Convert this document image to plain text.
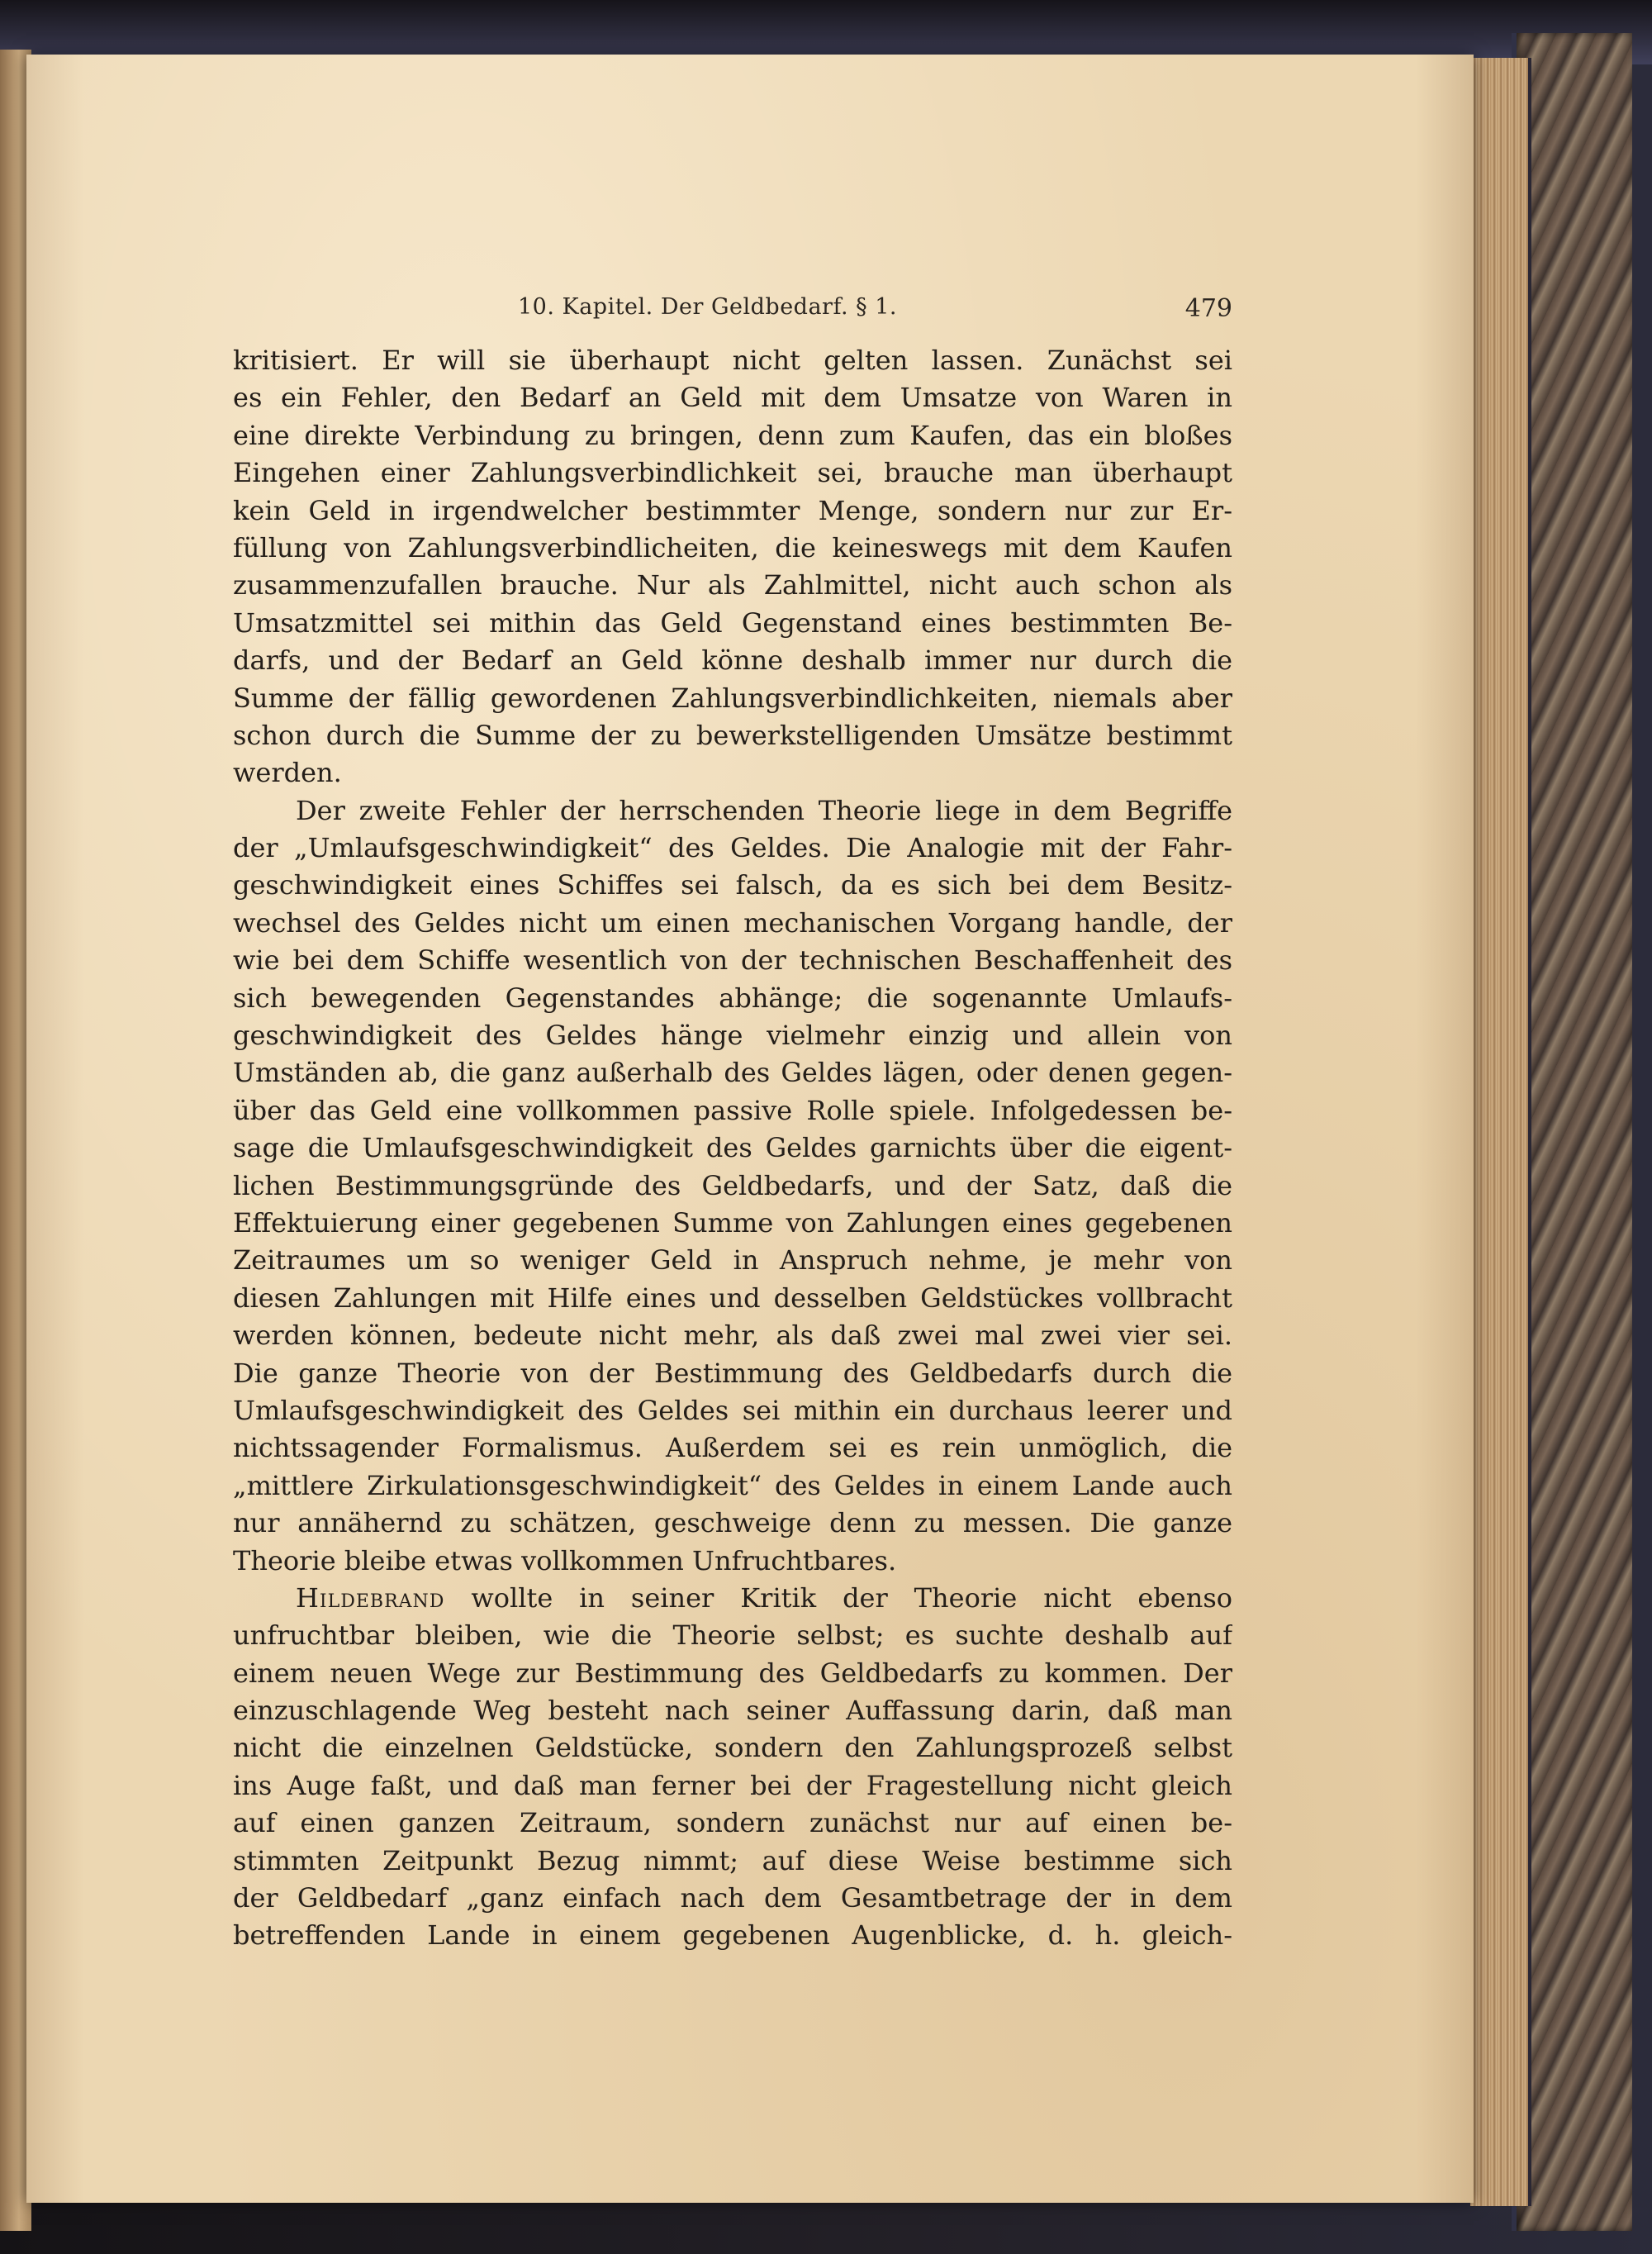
10. Kapitel. Der Geldbedarf. § 1.	479
kritisiert. Er will sie überhaupt nicht gelten lassen. Zunächst sei
es ein Fehler, den Bedarf an Geld mit dem Umsatze von Waren in
eine direkte Verbindung zu bringen, denn zum Kaufen, das ein bloßes
Eingehen einer Zahlungsverbindlichkeit sei, brauche man überhaupt
kein Geld in irgendwelcher bestimmter Menge, sondern nur zur Er-
füllung von Zahlungsverbindlicheiten, die keineswegs mit dem Kaufen
zusammenzufallen brauche. Nur als Zahlmittel, nicht auch schon als
Umsatzmittel sei mithin das Geld Gegenstand eines bestimmten Be-
darfs, und der Bedarf an Geld könne deshalb immer nur durch die
Summe der fällig gewordenen Zahlungsverbindlichkeiten, niemals aber
schon durch die Summe der zu bewerkstelligenden Umsätze bestimmt
werden.
Der zweite Fehler der herrschenden Theorie liege in dem Begriffe
der „Umlaufsgeschwindigkeit“ des Geldes. Die Analogie mit der Fahr-
geschwindigkeit eines Schiffes sei falsch, da es sich bei dem Besitz-
wechsel des Geldes nicht um einen mechanischen Vorgang handle, der
wie bei dem Schiffe wesentlich von der technischen Beschaffenheit des
sich bewegenden Gegenstandes abhänge; die sogenannte Umlaufs-
geschwindigkeit des Geldes hänge vielmehr einzig und allein von
Umständen ab, die ganz außerhalb des Geldes lägen, oder denen gegen-
über das Geld eine vollkommen passive Rolle spiele. Infolgedessen be-
sage die Umlaufsgeschwindigkeit des Geldes garnichts über die eigent-
lichen Bestimmungsgründe des Geldbedarfs, und der Satz, daß die
Effektuierung einer gegebenen Summe von Zahlungen eines gegebenen
Zeitraumes um so weniger Geld in Anspruch nehme, je mehr von
diesen Zahlungen mit Hilfe eines und desselben Geldstückes vollbracht
werden können, bedeute nicht mehr, als daß zwei mal zwei vier sei.
Die ganze Theorie von der Bestimmung des Geldbedarfs durch die
Umlaufsgeschwindigkeit des Geldes sei mithin ein durchaus leerer und
nichtssagender Formalismus. Außerdem sei es rein unmöglich, die
„mittlere Zirkulationsgeschwindigkeit“ des Geldes in einem Lande auch
nur annähernd zu schätzen, geschweige denn zu messen. Die ganze
Theorie bleibe etwas vollkommen Unfruchtbares.
Hildebrand wollte in seiner Kritik der Theorie nicht ebenso
unfruchtbar bleiben, wie die Theorie selbst; es suchte deshalb auf
einem neuen Wege zur Bestimmung des Geldbedarfs zu kommen. Der
einzuschlagende Weg besteht nach seiner Auffassung darin, daß man
nicht die einzelnen Geldstücke, sondern den Zahlungsprozeß selbst
ins Auge faßt, und daß man ferner bei der Fragestellung nicht gleich
auf einen ganzen Zeitraum, sondern zunächst nur auf einen be-
stimmten Zeitpunkt Bezug nimmt; auf diese Weise bestimme sich
der Geldbedarf „ganz einfach nach dem Gesamtbetrage der in dem
betreffenden Lande in einem gegebenen Augenblicke, d. h. gleich-
